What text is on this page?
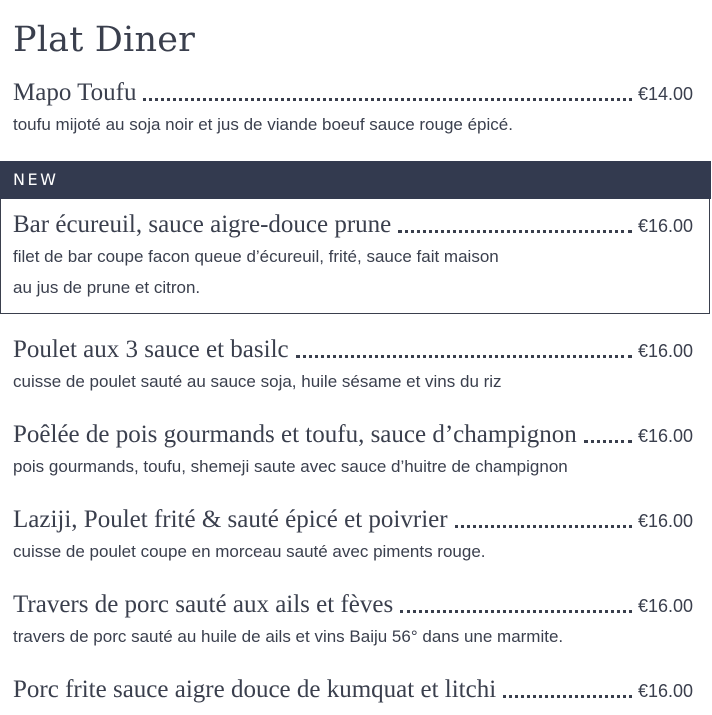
Plat Diner
Mapo Toufu	€14.00
toufu mijoté au soja noir et jus de viande boeuf sauce rouge épicé.
NEW
Bar écureuil, sauce aigre-douce prune	€16.00
filet de bar coupe facon queue d’écureuil, frité, sauce fait maison
au jus de prune et citron.
Poulet aux 3 sauce et basilc	€16.00
cuisse de poulet sauté au sauce soja, huile sésame et vins du riz
Poêlée de pois gourmands et toufu, sauce d’champignon	€16.00
pois gourmands, toufu, shemeji saute avec sauce d’huitre de champignon
Laziji, Poulet frité & sauté épicé et poivrier	€16.00
cuisse de poulet coupe en morceau sauté avec piments rouge.
Travers de porc sauté aux ails et fèves	€16.00
travers de porc sauté au huile de ails et vins Baiju 56° dans une marmite.
Porc frite sauce aigre douce de kumquat et litchi	€16.00
